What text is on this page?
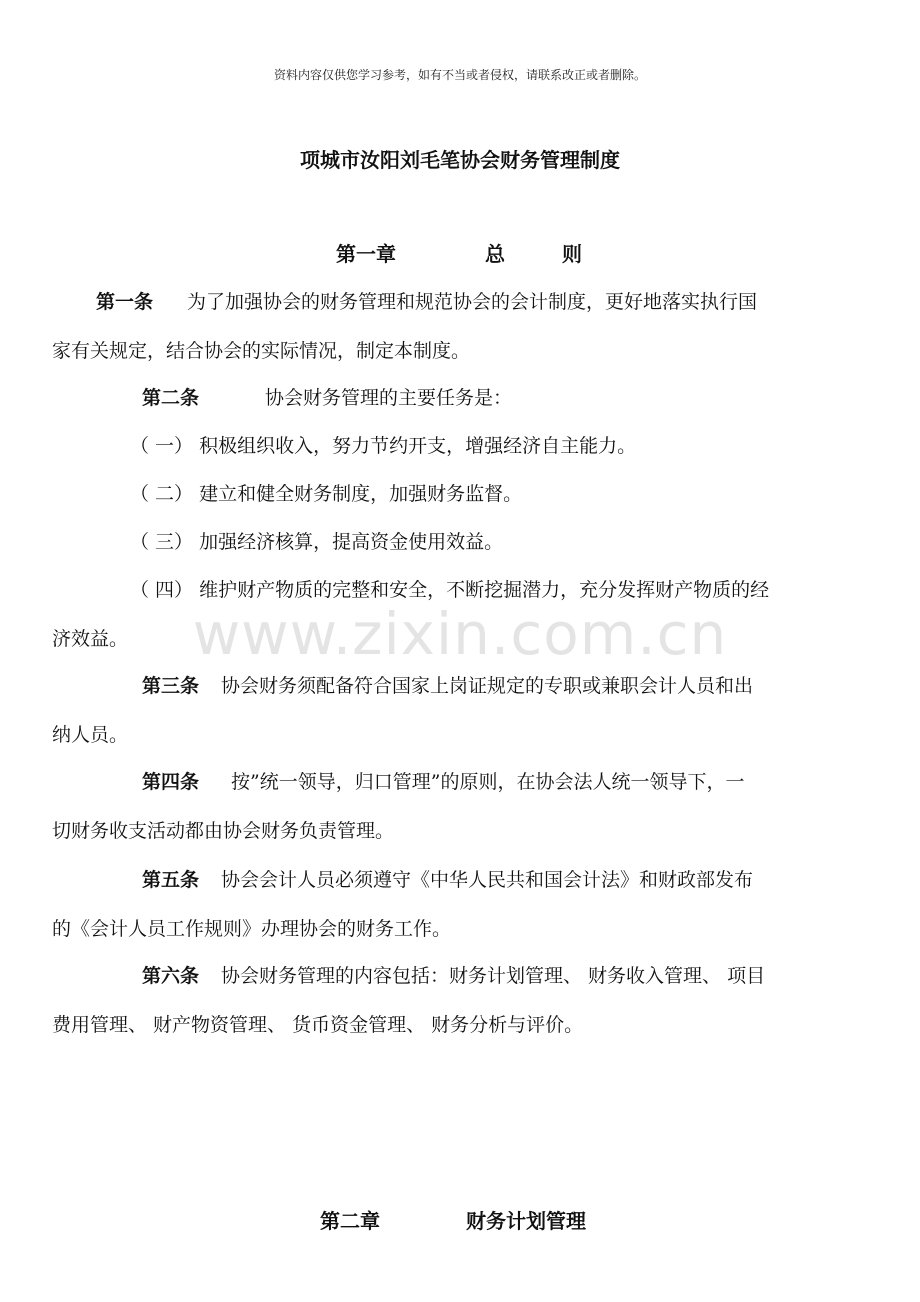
资料内容仅供您学习参考，如有不当或者侵权，请联系改正或者删除。
项城市汝阳刘毛笔协会财务管理制度
第一章	总	则
第一条 为了加强协会的财务管理和规范协会的会计制度，更好地落实执行国
家有关规定，结合协会的实际情况，制定本制度。
第二条	协会财务管理的主要任务是：
（ 一） 积极组织收入，努力节约开支，增强经济自主能力。
（ 二） 建立和健全财务制度，加强财务监督。
（ 三） 加强经济核算，提高资金使用效益。
（ 四） 维护财产物质的完整和安全，不断挖掘潜力，充分发挥财产物质的经
济效益。
第三条 协会财务须配备符合国家上岗证规定的专职或兼职会计人员和出
纳人员。
第四条 按”统一领导，归口管理”的原则，在协会法人统一领导下，一
切财务收支活动都由协会财务负责管理。
第五条 协会会计人员必须遵守《中华人民共和国会计法》和财政部发布
的《会计人员工作规则》办理协会的财务工作。
第六条 协会财务管理的内容包括：财务计划管理、 财务收入管理、 项目
费用管理、 财产物资管理、 货币资金管理、 财务分析与评价。
第二章	财务计划管理
www.zixin.com.cn
